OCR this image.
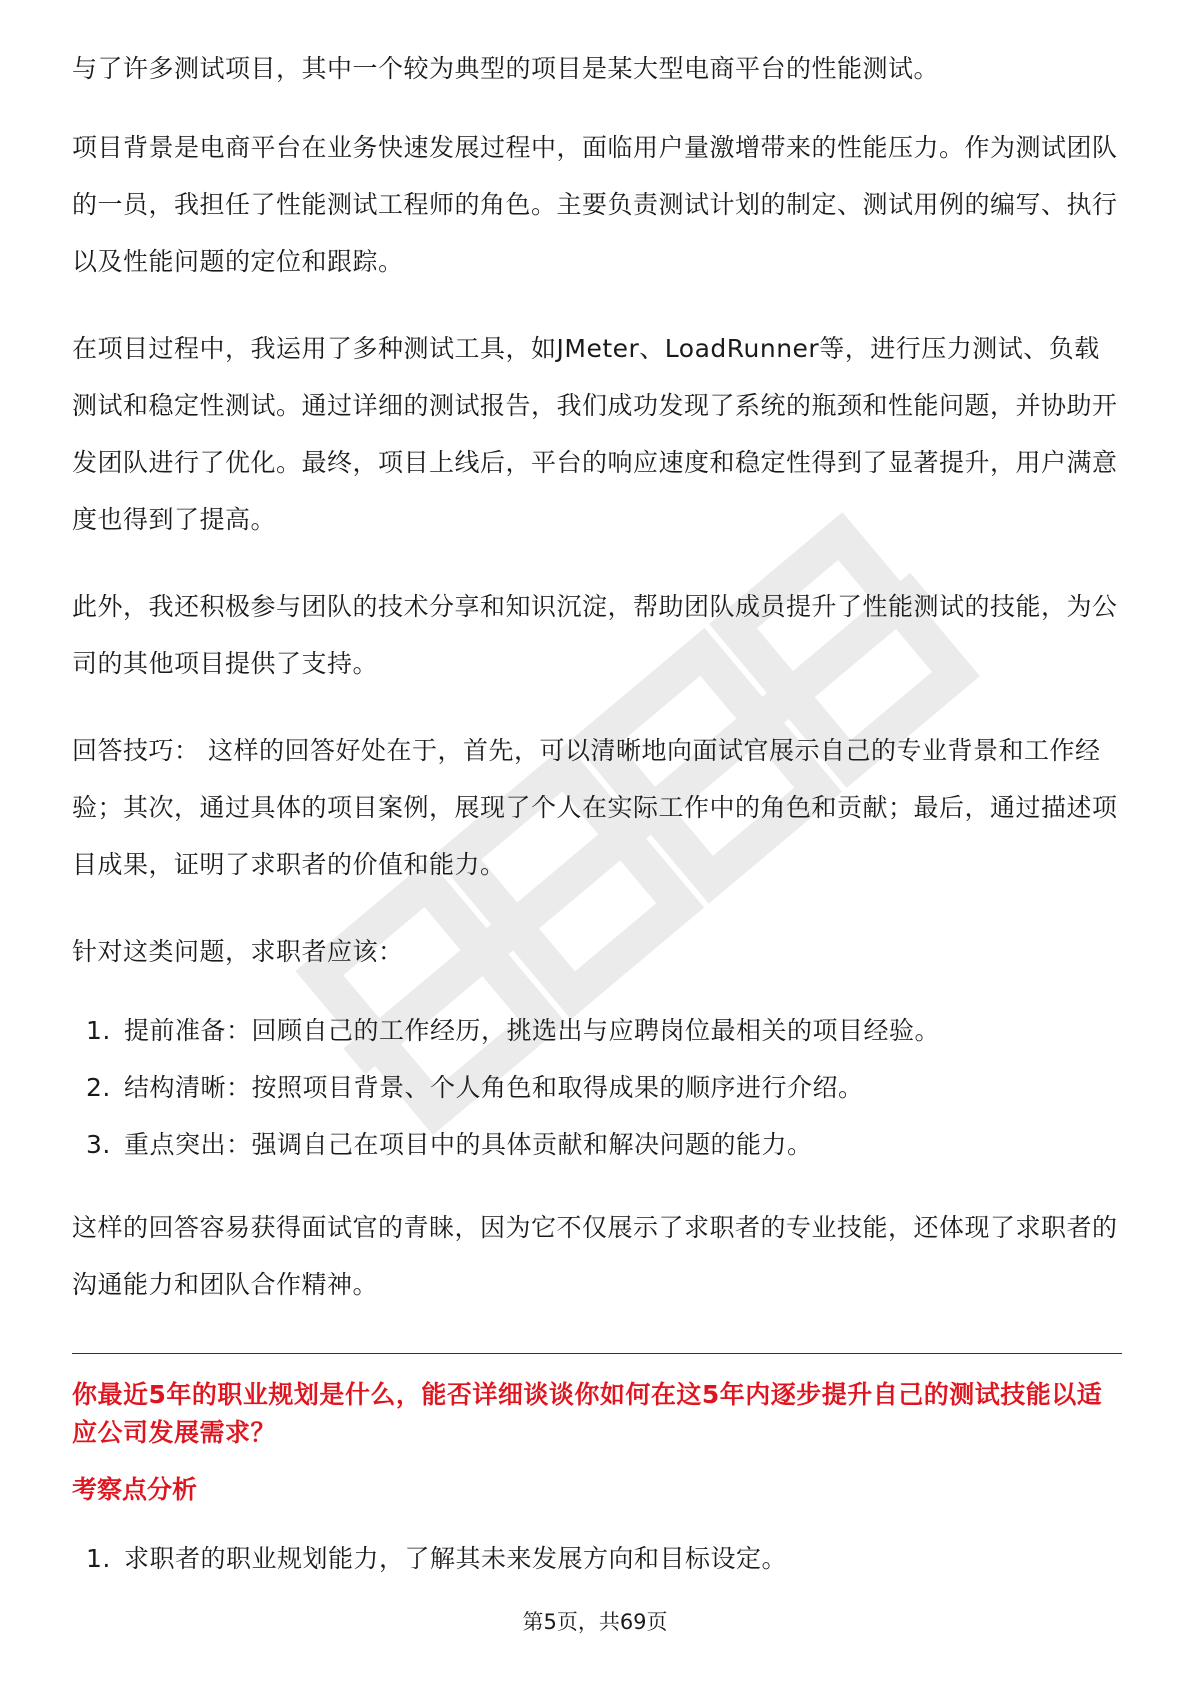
与了许多测试项目，其中一个较为典型的项目是某大型电商平台的性能测试。

项目背景是电商平台在业务快速发展过程中，面临用户量激增带来的性能压力。作为测试团队的一员，我担任了性能测试工程师的角色。主要负责测试计划的制定、测试用例的编写、执行以及性能问题的定位和跟踪。

在项目过程中，我运用了多种测试工具，如JMeter、LoadRunner等，进行压力测试、负载测试和稳定性测试。通过详细的测试报告，我们成功发现了系统的瓶颈和性能问题，并协助开发团队进行了优化。最终，项目上线后，平台的响应速度和稳定性得到了显著提升，用户满意度也得到了提高。

此外，我还积极参与团队的技术分享和知识沉淀，帮助团队成员提升了性能测试的技能，为公司的其他项目提供了支持。

回答技巧： 这样的回答好处在于，首先，可以清晰地向面试官展示自己的专业背景和工作经验；其次，通过具体的项目案例，展现了个人在实际工作中的角色和贡献；最后，通过描述项目成果，证明了求职者的价值和能力。

针对这类问题，求职者应该：

1. 提前准备：回顾自己的工作经历，挑选出与应聘岗位最相关的项目经验。
2. 结构清晰：按照项目背景、个人角色和取得成果的顺序进行介绍。
3. 重点突出：强调自己在项目中的具体贡献和解决问题的能力。

这样的回答容易获得面试官的青睐，因为它不仅展示了求职者的专业技能，还体现了求职者的沟通能力和团队合作精神。

你最近5年的职业规划是什么，能否详细谈谈你如何在这5年内逐步提升自己的测试技能以适应公司发展需求？

考察点分析

1. 求职者的职业规划能力，了解其未来发展方向和目标设定。
第5页，共69页
